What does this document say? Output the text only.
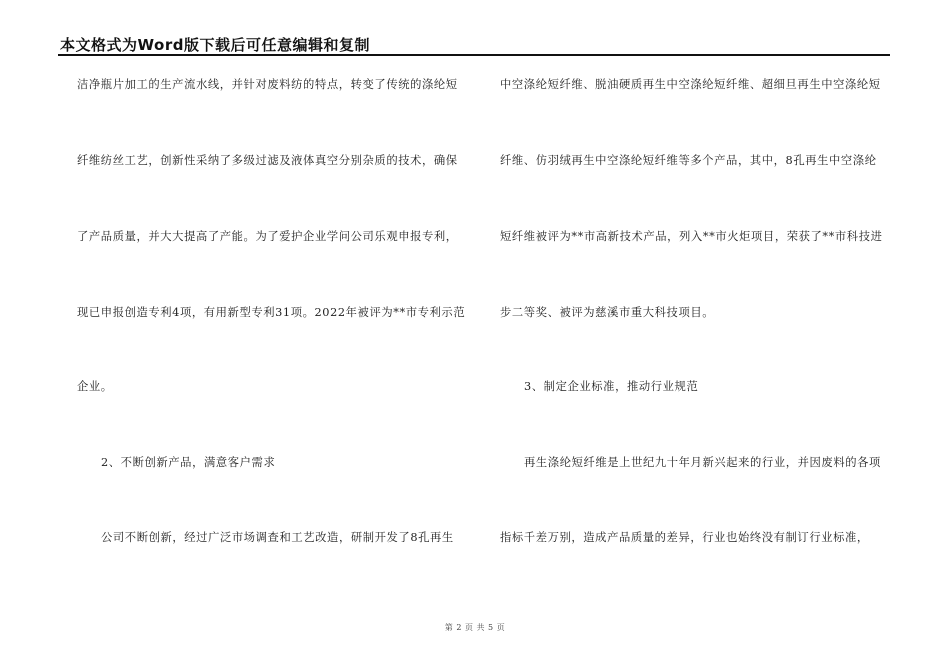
本文格式为Word版下载后可任意编辑和复制
洁净瓶片加工的生产流水线，并针对废料纺的特点，转变了传统的涤纶短
纤维纺丝工艺，创新性采纳了多级过滤及液体真空分别杂质的技术，确保
了产品质量，并大大提高了产能。为了爱护企业学问公司乐观申报专利，
现已申报创造专利4项，有用新型专利31项。2022年被评为**市专利示范
企业。
2、不断创新产品，满意客户需求
公司不断创新，经过广泛市场调查和工艺改造，研制开发了8孔再生
中空涤纶短纤维、脱油硬质再生中空涤纶短纤维、超细旦再生中空涤纶短
纤维、仿羽绒再生中空涤纶短纤维等多个产品，其中，8孔再生中空涤纶
短纤维被评为**市高新技术产品，列入**市火炬项目，荣获了**市科技进
步二等奖、被评为慈溪市重大科技项目。
3、制定企业标准，推动行业规范
再生涤纶短纤维是上世纪九十年月新兴起来的行业，并因废料的各项
指标千差万别，造成产品质量的差异，行业也始终没有制订行业标准，
第 2 页 共 5 页
